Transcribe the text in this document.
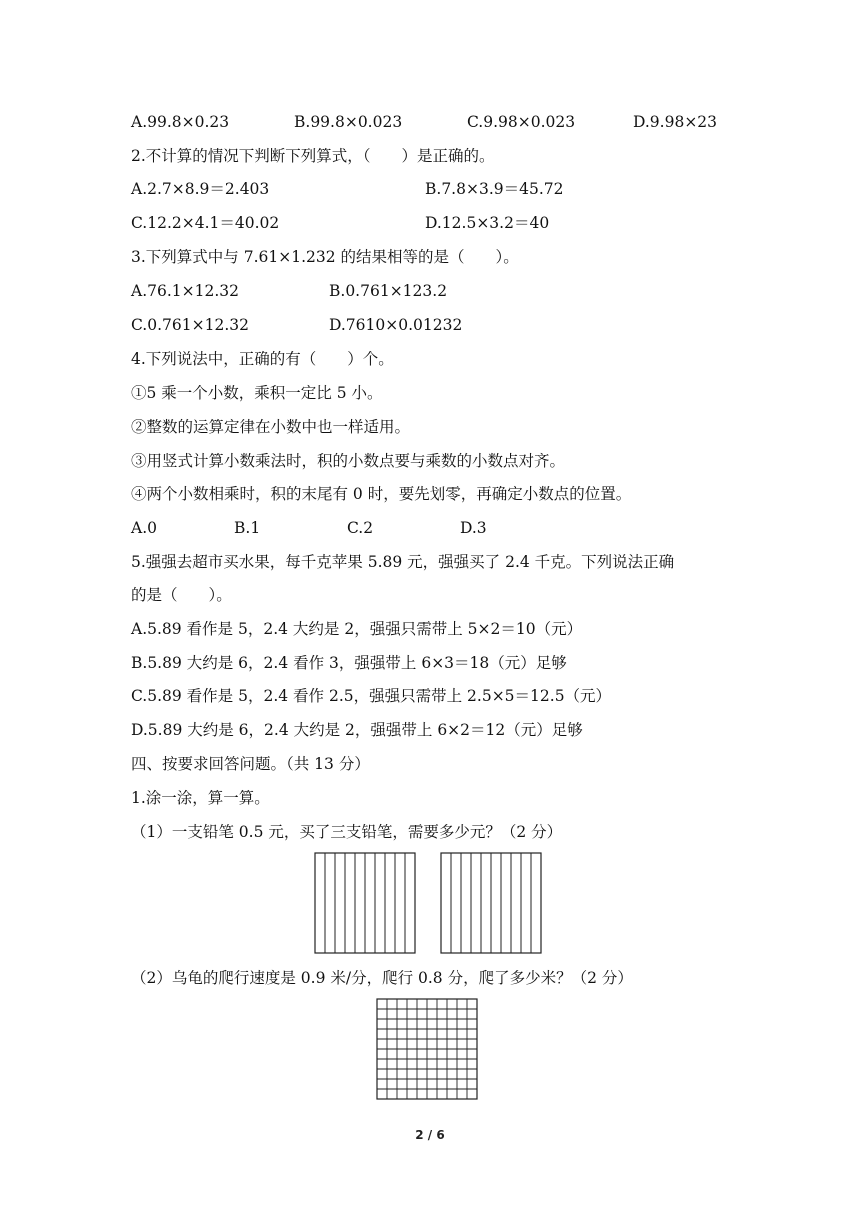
A.99.8×0.23	B.99.8×0.023	C.9.98×0.023	D.9.98×23
2.不计算的情况下判断下列算式，（　　）是正确的。
A.2.7×8.9＝2.403	B.7.8×3.9＝45.72
C.12.2×4.1＝40.02	D.12.5×3.2＝40
3.下列算式中与 7.61×1.232 的结果相等的是（　　）。
A.76.1×12.32	B.0.761×123.2
C.0.761×12.32	D.7610×0.01232
4.下列说法中，正确的有（　　）个。
①5 乘一个小数，乘积一定比 5 小。
②整数的运算定律在小数中也一样适用。
③用竖式计算小数乘法时，积的小数点要与乘数的小数点对齐。
④两个小数相乘时，积的末尾有 0 时，要先划零，再确定小数点的位置。
A.0	B.1	C.2	D.3
5.强强去超市买水果，每千克苹果 5.89 元，强强买了 2.4 千克。下列说法正确
的是（　　）。
A.5.89 看作是 5，2.4 大约是 2，强强只需带上 5×2＝10（元）
B.5.89 大约是 6，2.4 看作 3，强强带上 6×3＝18（元）足够
C.5.89 看作是 5，2.4 看作 2.5，强强只需带上 2.5×5＝12.5（元）
D.5.89 大约是 6，2.4 大约是 2，强强带上 6×2＝12（元）足够
四、按要求回答问题。（共 13 分）
1.涂一涂，算一算。
（1）一支铅笔 0.5 元，买了三支铅笔，需要多少元？（2 分）
（2）乌龟的爬行速度是 0.9 米/分，爬行 0.8 分，爬了多少米？（2 分）
2 / 6
